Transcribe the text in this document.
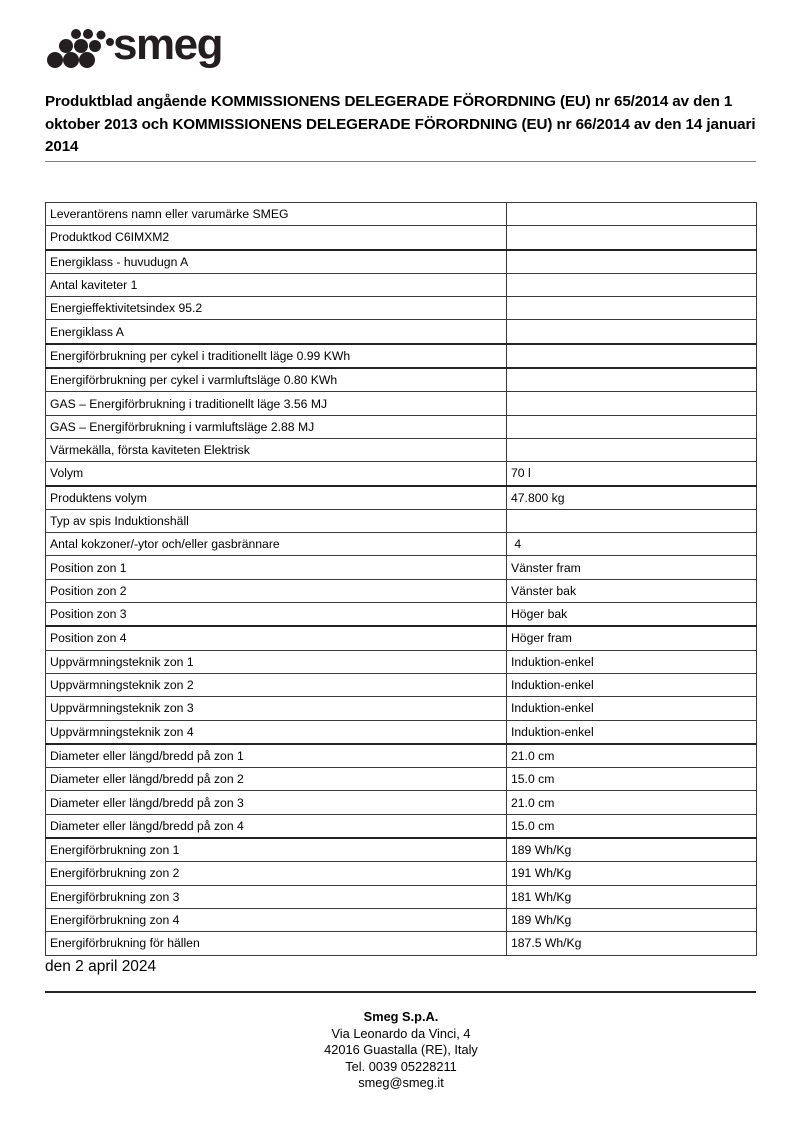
smeg
Produktblad angående KOMMISSIONENS DELEGERADE FÖRORDNING (EU) nr 65/2014 av den 1 oktober 2013 och KOMMISSIONENS DELEGERADE FÖRORDNING (EU) nr 66/2014 av den 14 januari 2014
Leverantörens namn eller varumärke SMEG	
Produktkod C6IMXM2	
Energiklass - huvudugn A	
Antal kaviteter 1	
Energieffektivitetsindex 95.2	
Energiklass A	
Energiförbrukning per cykel i traditionellt läge 0.99 KWh	
Energiförbrukning per cykel i varmluftsläge 0.80 KWh	
GAS – Energiförbrukning i traditionellt läge 3.56 MJ	
GAS – Energiförbrukning i varmluftsläge 2.88 MJ	
Värmekälla, första kaviteten Elektrisk	
Volym	70 l
Produktens volym	47.800 kg
Typ av spis Induktionshäll	
Antal kokzoner/-ytor och/eller gasbrännare	4
Position zon 1	Vänster fram
Position zon 2	Vänster bak
Position zon 3	Höger bak
Position zon 4	Höger fram
Uppvärmningsteknik zon 1	Induktion-enkel
Uppvärmningsteknik zon 2	Induktion-enkel
Uppvärmningsteknik zon 3	Induktion-enkel
Uppvärmningsteknik zon 4	Induktion-enkel
Diameter eller längd/bredd på zon 1	21.0 cm
Diameter eller längd/bredd på zon 2	15.0 cm
Diameter eller längd/bredd på zon 3	21.0 cm
Diameter eller längd/bredd på zon 4	15.0 cm
Energiförbrukning zon 1	189 Wh/Kg
Energiförbrukning zon 2	191 Wh/Kg
Energiförbrukning zon 3	181 Wh/Kg
Energiförbrukning zon 4	189 Wh/Kg
Energiförbrukning för hällen	187.5 Wh/Kg
den 2 april 2024
Smeg S.p.A.
Via Leonardo da Vinci, 4
42016 Guastalla (RE), Italy
Tel. 0039 05228211
smeg@smeg.it
